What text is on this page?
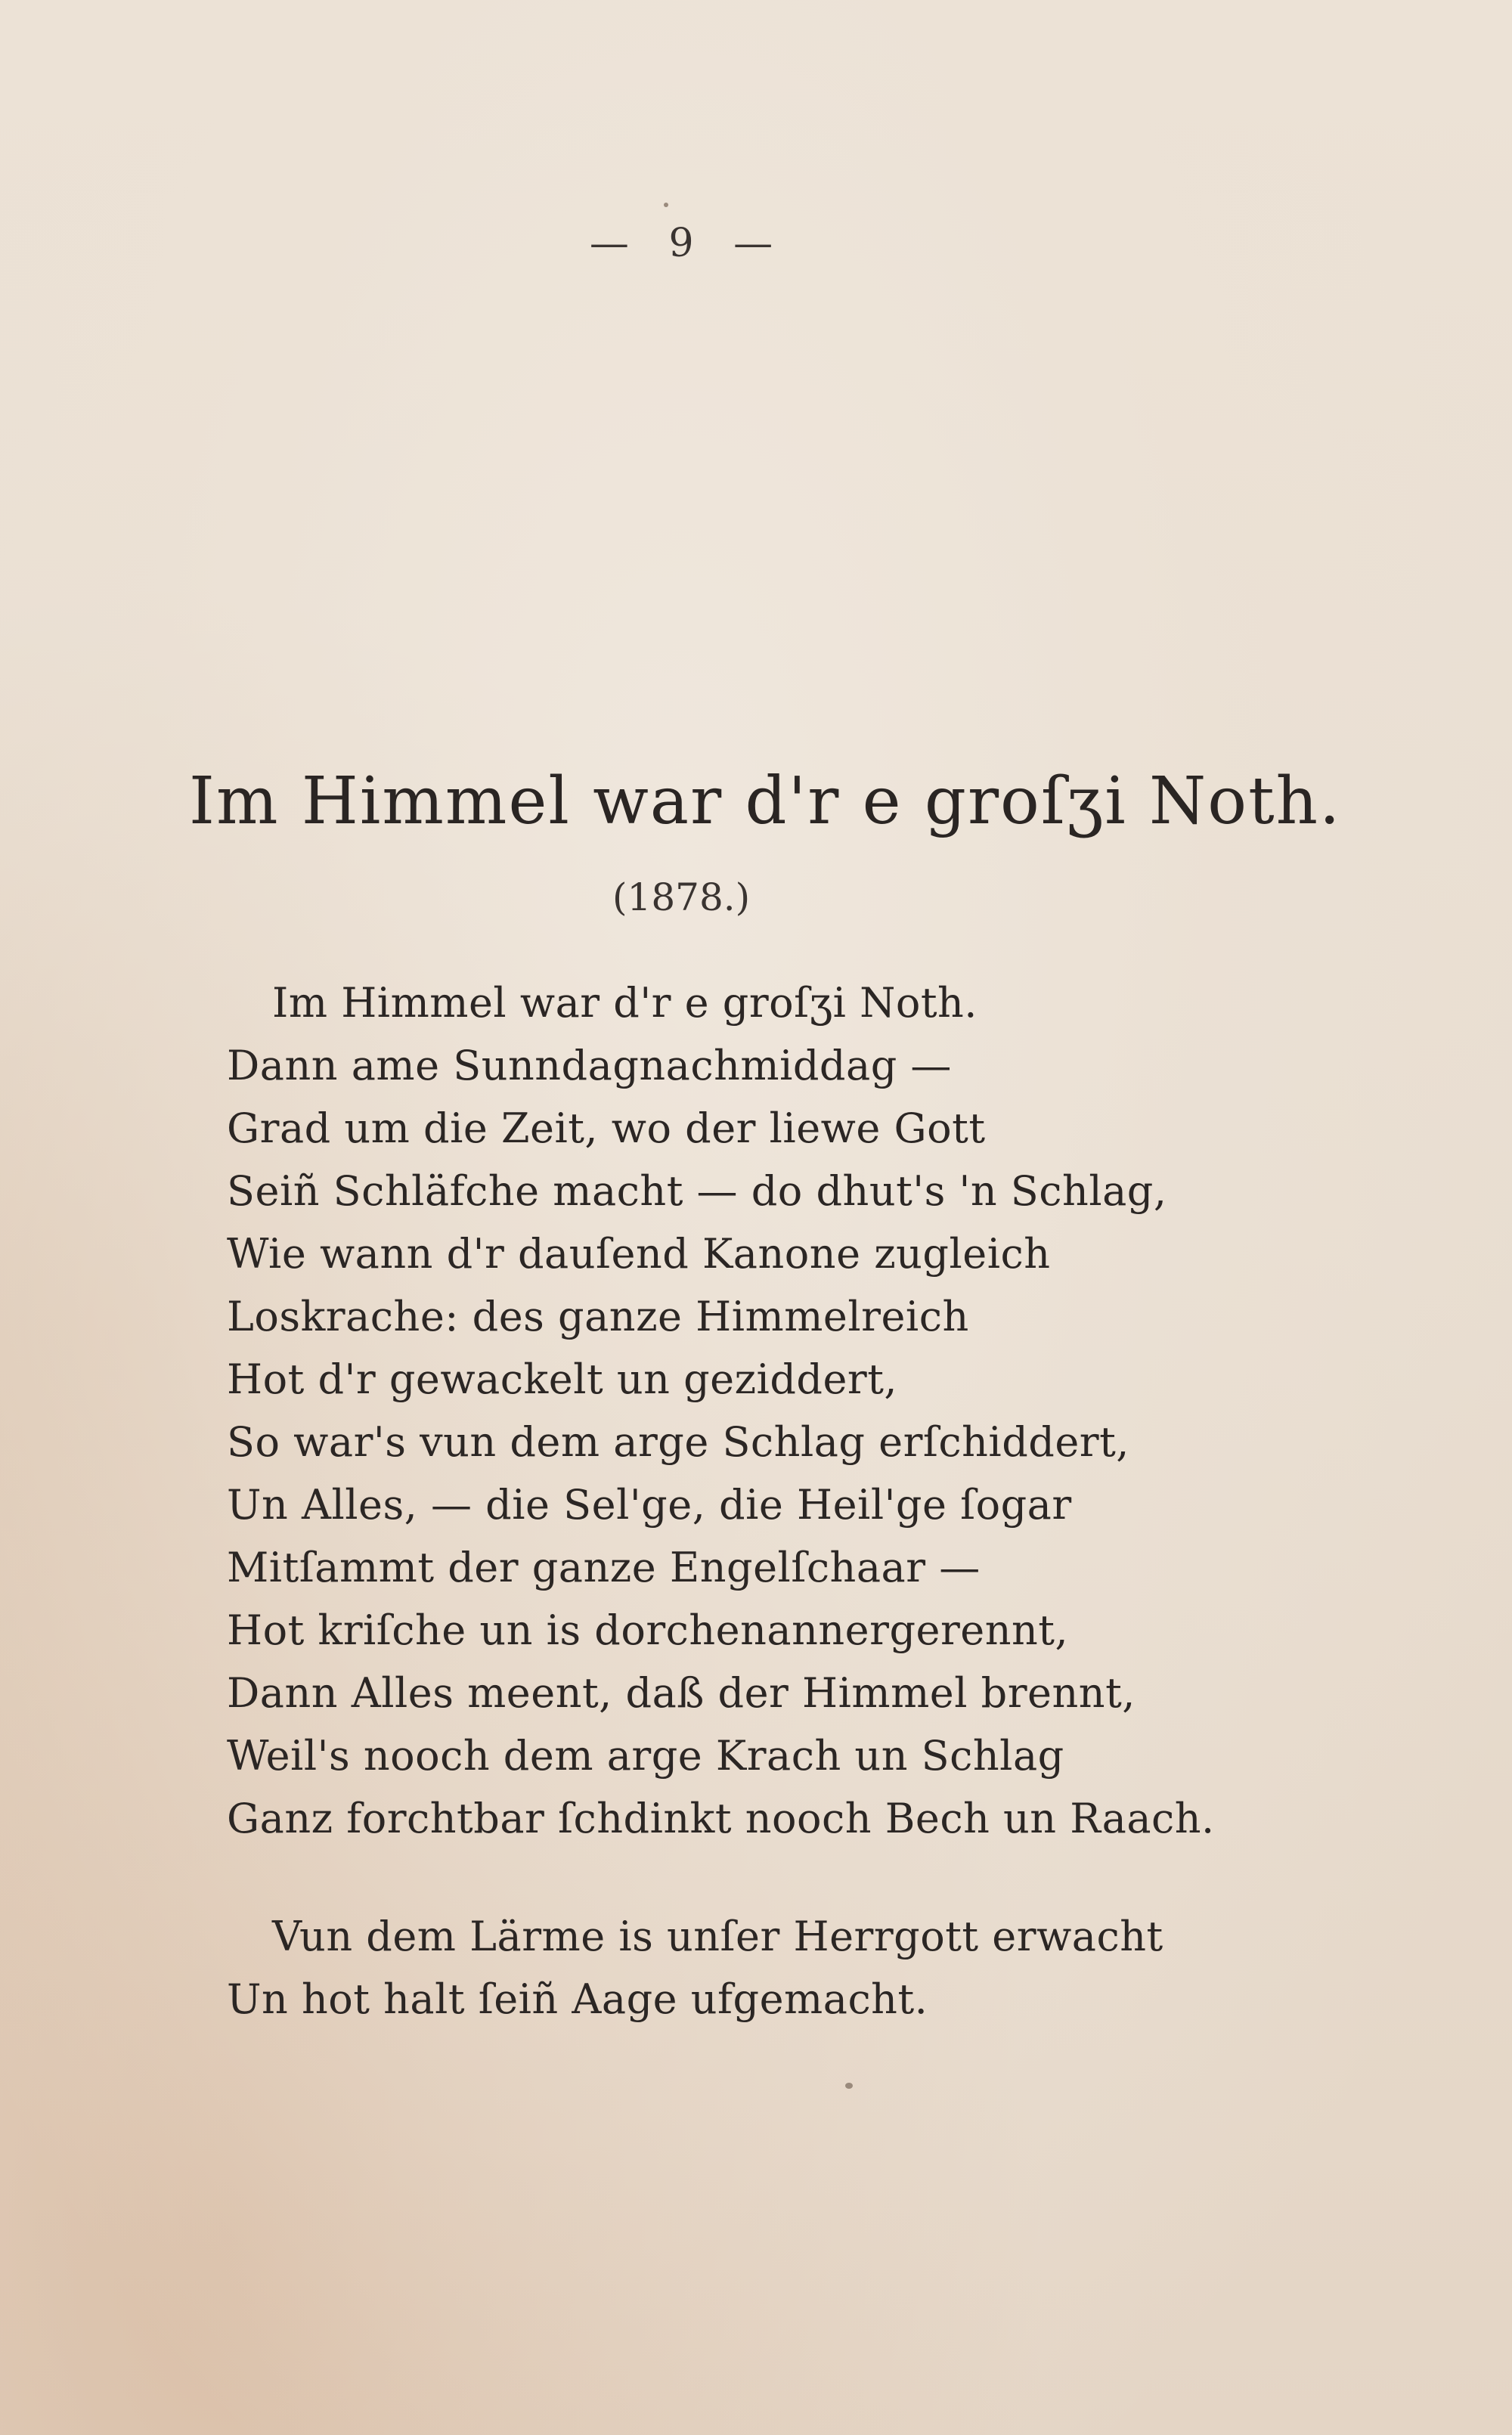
— 9 —
Im Himmel war d'r e groſʒi Noth.
(1878.)
Im Himmel war d'r e groſʒi Noth.
Dann ame Sunndagnachmiddag —
Grad um die Zeit, wo der liewe Gott
Seiñ Schläfche macht — do dhut's 'n Schlag,
Wie wann d'r dauſend Kanone zugleich
Loskrache: des ganze Himmelreich
Hot d'r gewackelt un geziddert,
So war's vun dem arge Schlag erſchiddert,
Un Alles, — die Sel'ge, die Heil'ge ſogar
Mitſammt der ganze Engelſchaar —
Hot kriſche un is dorchenannergerennt,
Dann Alles meent, daß der Himmel brennt,
Weil's nooch dem arge Krach un Schlag
Ganz forchtbar ſchdinkt nooch Bech un Raach.
Vun dem Lärme is unſer Herrgott erwacht
Un hot halt ſeiñ Aage ufgemacht.
